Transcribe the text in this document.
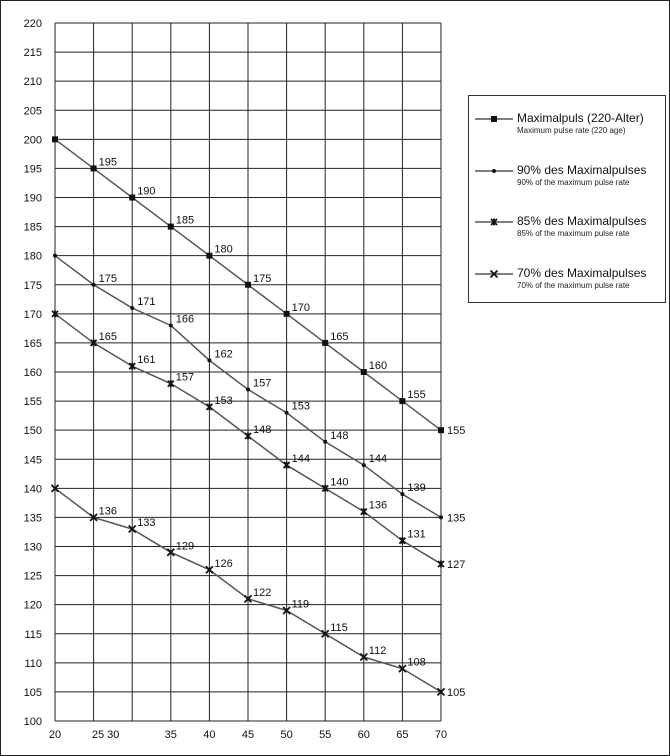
100
105
110
115
120
125
130
135
140
145
150
155
160
165
170
175
180
185
190
195
200
205
210
215
220
20	25 30	35 40 45 50 55 60 65 70
195
190
185
180
175
170
165
160
155
155
175
171
166
162
157
153
148
144
139
135
165
161
157
153
148
144
140
136
131
127
136
133
129
126
122
119
115
112
108
105
Maximalpuls (220-Alter)
Maximum pulse rate (220 age)
90% des Maximalpulses
90% of the maximum pulse rate
85% des Maximalpulses
85% of the maximum pulse rate
70% des Maximalpulses
70% of the maximum pulse rate
